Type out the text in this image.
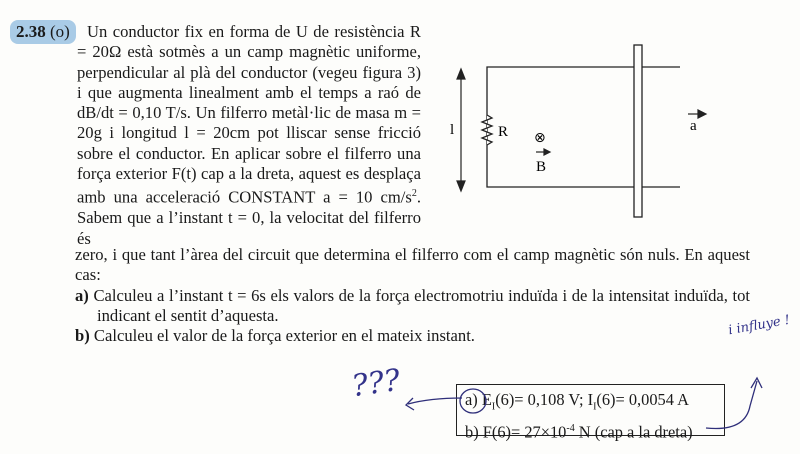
2.38 (o)	Un conductor fix en forma de U de resistència R = 20Ω està sotmès a un camp magnètic uniforme, perpendicular al plà del conductor (vegeu figura 3) i que augmenta linealment amb el temps a raó de dB/dt = 0,10 T/s. Un filferro metàl·lic de masa m = 20g i longitud l = 20cm pot lliscar sense fricció sobre el conductor. En aplicar sobre el filferro una força exterior F(t) cap a la dreta, aquest es desplaça amb una acceleració CONSTANT a = 10 $cm/s^2$. Sabem que a l’instant t = 0, la velocitat del filferro és

zero, i que tant l’àrea del circuit que determina el filferro com el camp magnètic són nuls. En aquest cas:

a) Calculeu a l’instant t = 6s els valors de la força electromotriu induïda i de la intensitat induïda, tot indicant el sentit d’aquesta.

b) Calculeu el valor de la força exterior en el mateix instant.

l	R ⊗
B
a
a) $E_I(6)= 0,108$ V; $I_I(6)= 0,0054$ A
b) $F(6)= 27\times 10^{-4}$ N (cap a la dreta)
???
i influye !
